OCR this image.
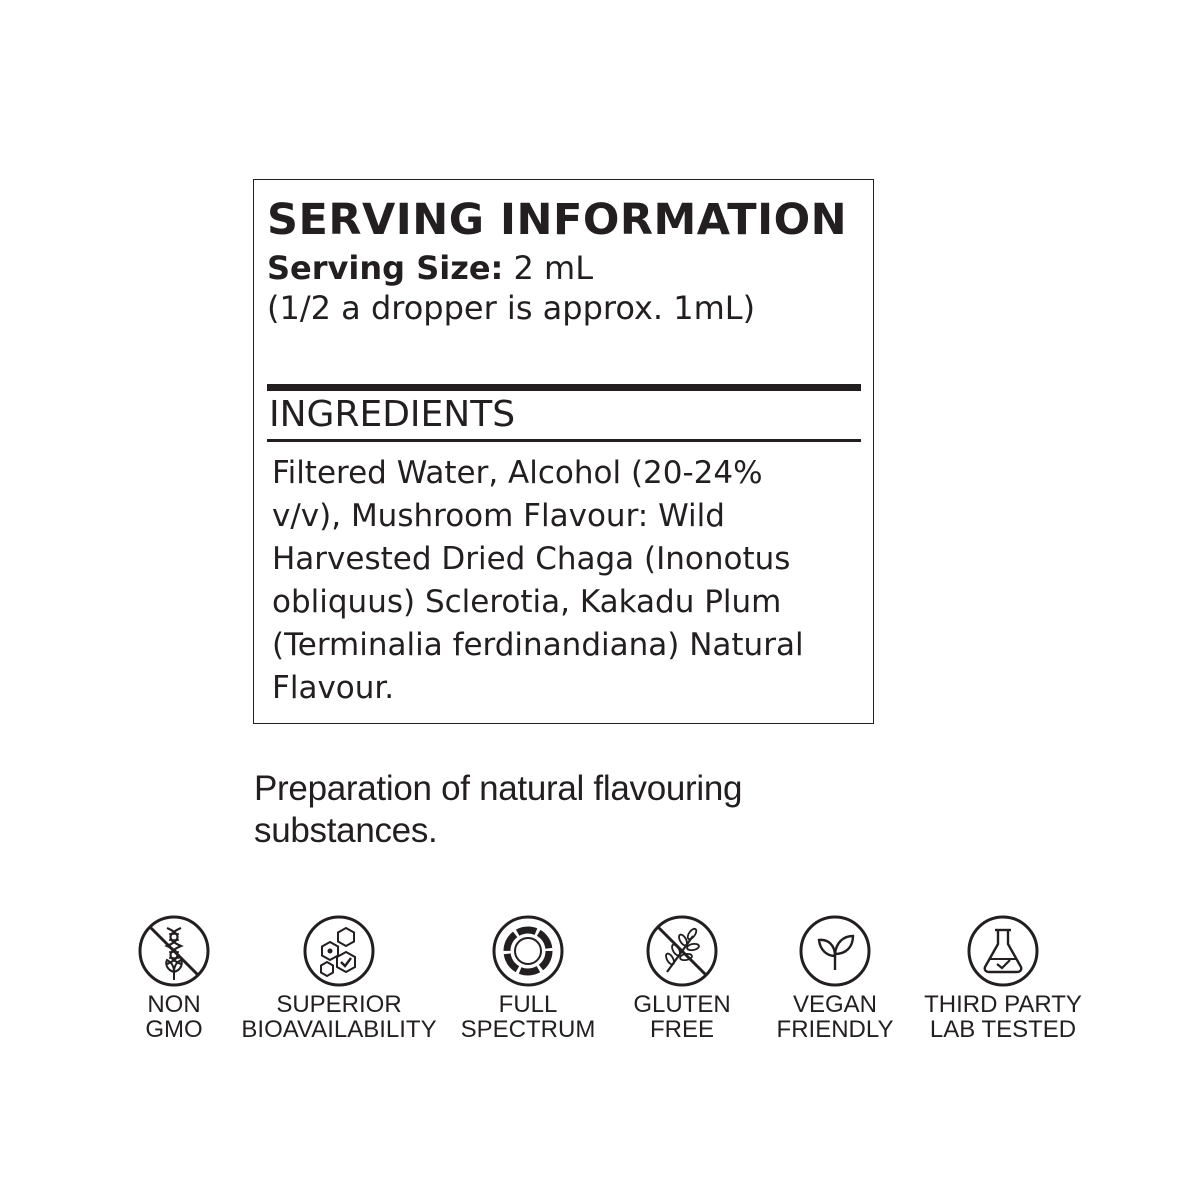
SERVING INFORMATION
Serving Size: 2 mL
(1/2 a dropper is approx. 1mL)
INGREDIENTS

Filtered Water, Alcohol (20-24%
v/v), Mushroom Flavour: Wild
Harvested Dried Chaga (Inonotus
obliquus) Sclerotia, Kakadu Plum
(Terminalia ferdinandiana) Natural
Flavour.

Preparation of natural flavouring
substances.

NON
GMO
SUPERIOR
BIOAVAILABILITY
FULL
SPECTRUM
GLUTEN
FREE
VEGAN
FRIENDLY
THIRD PARTY
LAB TESTED
